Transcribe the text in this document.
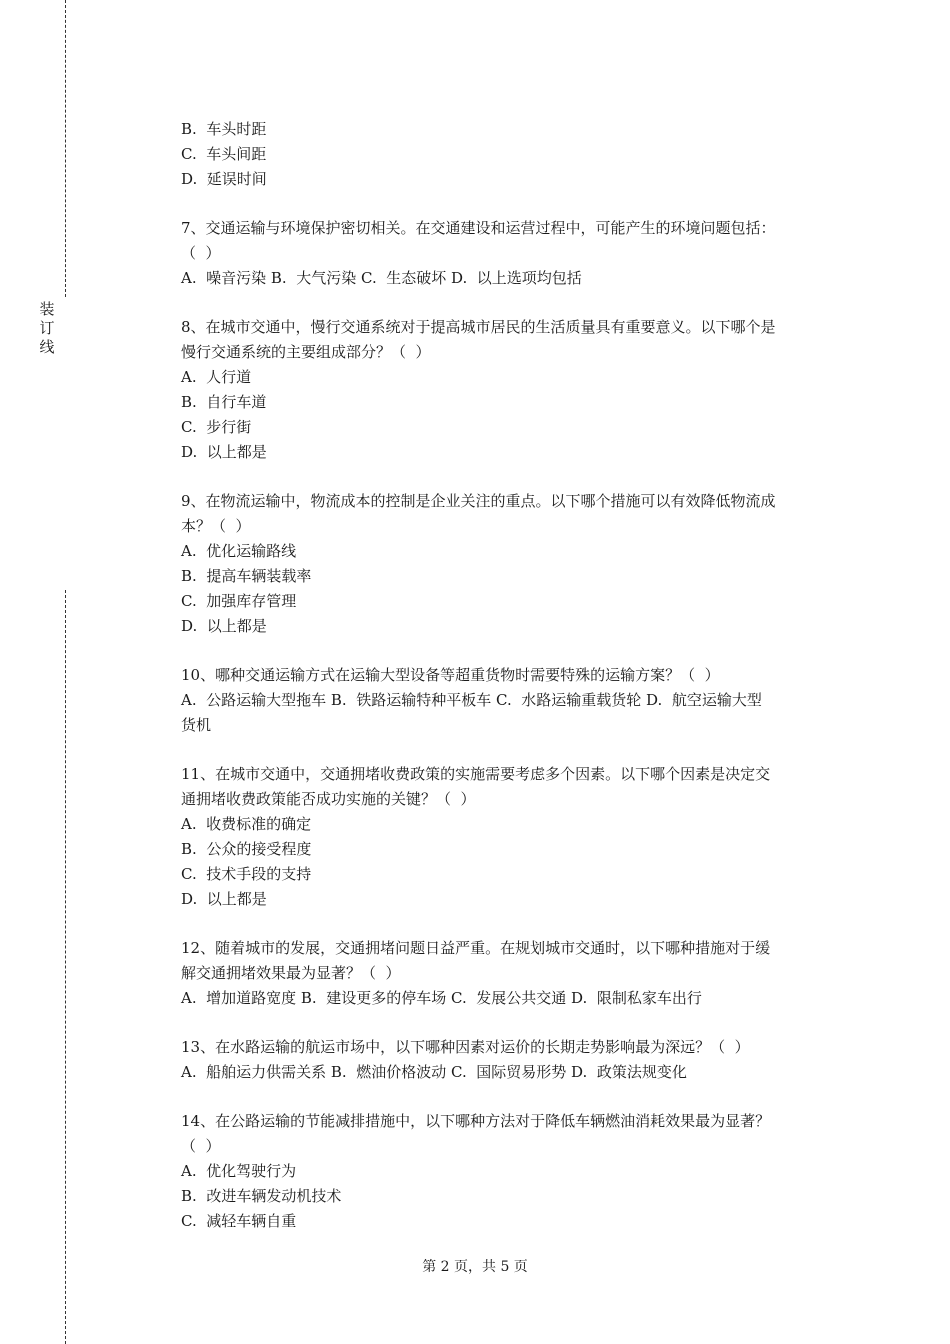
装
订
线
B.  车头时距
C.  车头间距
D.  延误时间
7、交通运输与环境保护密切相关。在交通建设和运营过程中，可能产生的环境问题包括：
（  ）
A.  噪音污染 B.  大气污染 C.  生态破坏 D.  以上选项均包括
8、在城市交通中，慢行交通系统对于提高城市居民的生活质量具有重要意义。以下哪个是
慢行交通系统的主要组成部分？（  ）
A.  人行道
B.  自行车道
C.  步行街
D.  以上都是
9、在物流运输中，物流成本的控制是企业关注的重点。以下哪个措施可以有效降低物流成
本？（  ）
A.  优化运输路线
B.  提高车辆装载率
C.  加强库存管理
D.  以上都是
10、哪种交通运输方式在运输大型设备等超重货物时需要特殊的运输方案？（  ）
A.  公路运输大型拖车 B.  铁路运输特种平板车 C.  水路运输重载货轮 D.  航空运输大型
货机
11、在城市交通中，交通拥堵收费政策的实施需要考虑多个因素。以下哪个因素是决定交
通拥堵收费政策能否成功实施的关键？（  ）
A.  收费标准的确定
B.  公众的接受程度
C.  技术手段的支持
D.  以上都是
12、随着城市的发展，交通拥堵问题日益严重。在规划城市交通时，以下哪种措施对于缓
解交通拥堵效果最为显著？（  ）
A.  增加道路宽度 B.  建设更多的停车场 C.  发展公共交通 D.  限制私家车出行
13、在水路运输的航运市场中，以下哪种因素对运价的长期走势影响最为深远？（  ）
A.  船舶运力供需关系 B.  燃油价格波动 C.  国际贸易形势 D.  政策法规变化
14、在公路运输的节能减排措施中，以下哪种方法对于降低车辆燃油消耗效果最为显著？
（  ）
A.  优化驾驶行为
B.  改进车辆发动机技术
C.  减轻车辆自重
第 2 页，共 5 页
